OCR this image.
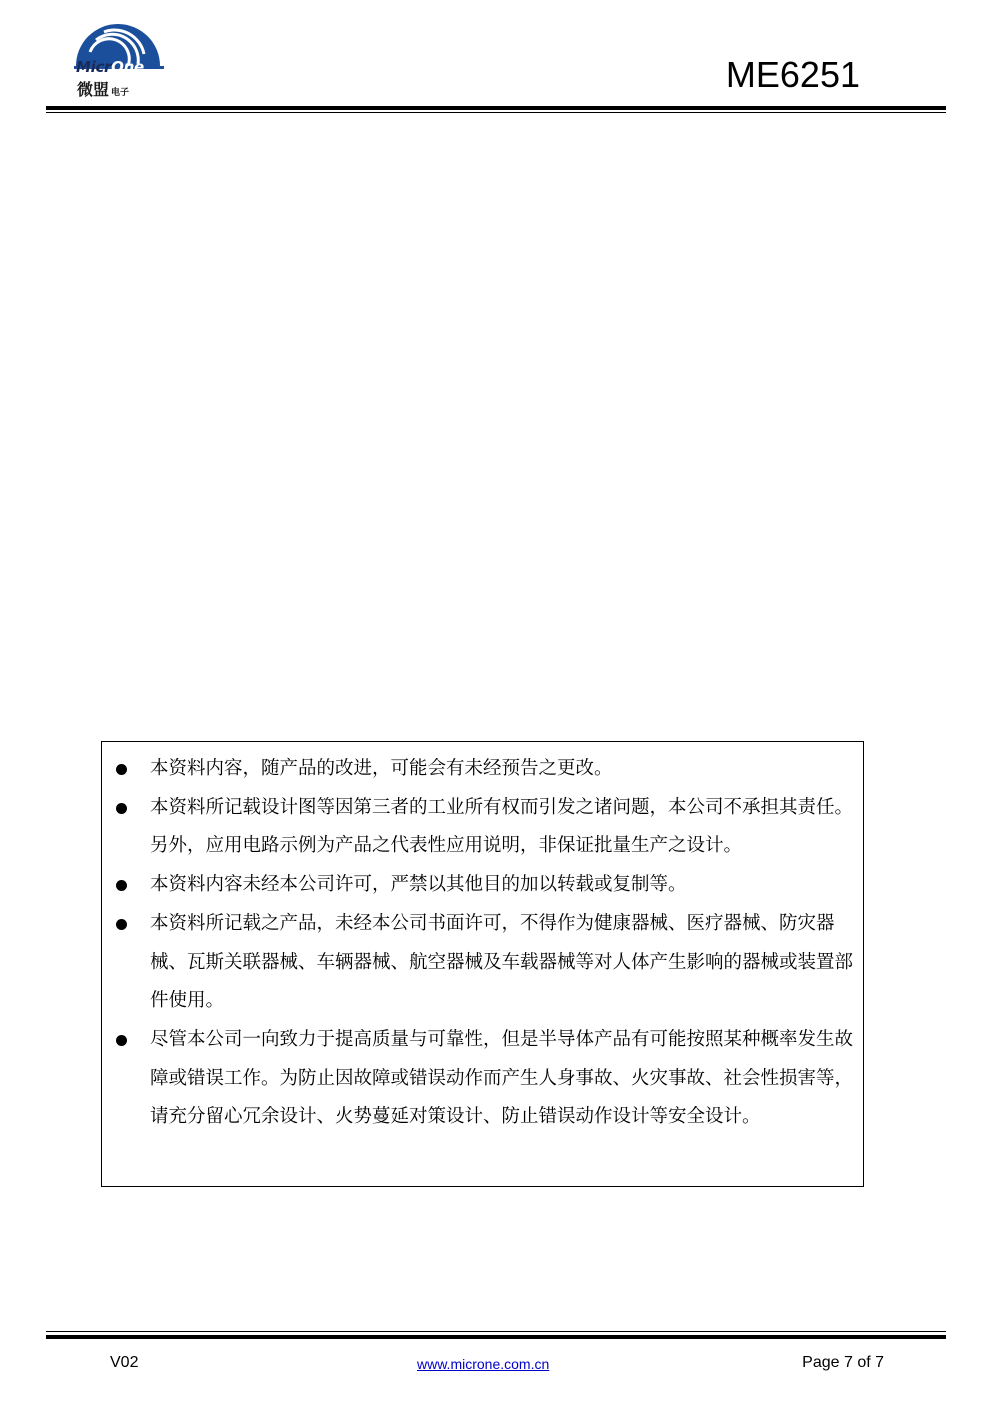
MicrOne
微盟 电子	ME6251
本资料内容，随产品的改进，可能会有未经预告之更改。
本资料所记载设计图等因第三者的工业所有权而引发之诸问题，本公司不承担其责任。另外，应用电路示例为产品之代表性应用说明，非保证批量生产之设计。
本资料内容未经本公司许可，严禁以其他目的加以转载或复制等。
本资料所记载之产品，未经本公司书面许可，不得作为健康器械、医疗器械、防灾器械、瓦斯关联器械、车辆器械、航空器械及车载器械等对人体产生影响的器械或装置部件使用。
尽管本公司一向致力于提高质量与可靠性，但是半导体产品有可能按照某种概率发生故障或错误工作。为防止因故障或错误动作而产生人身事故、火灾事故、社会性损害等，请充分留心冗余设计、火势蔓延对策设计、防止错误动作设计等安全设计。
V02	www.microne.com.cn	Page 7 of 7
